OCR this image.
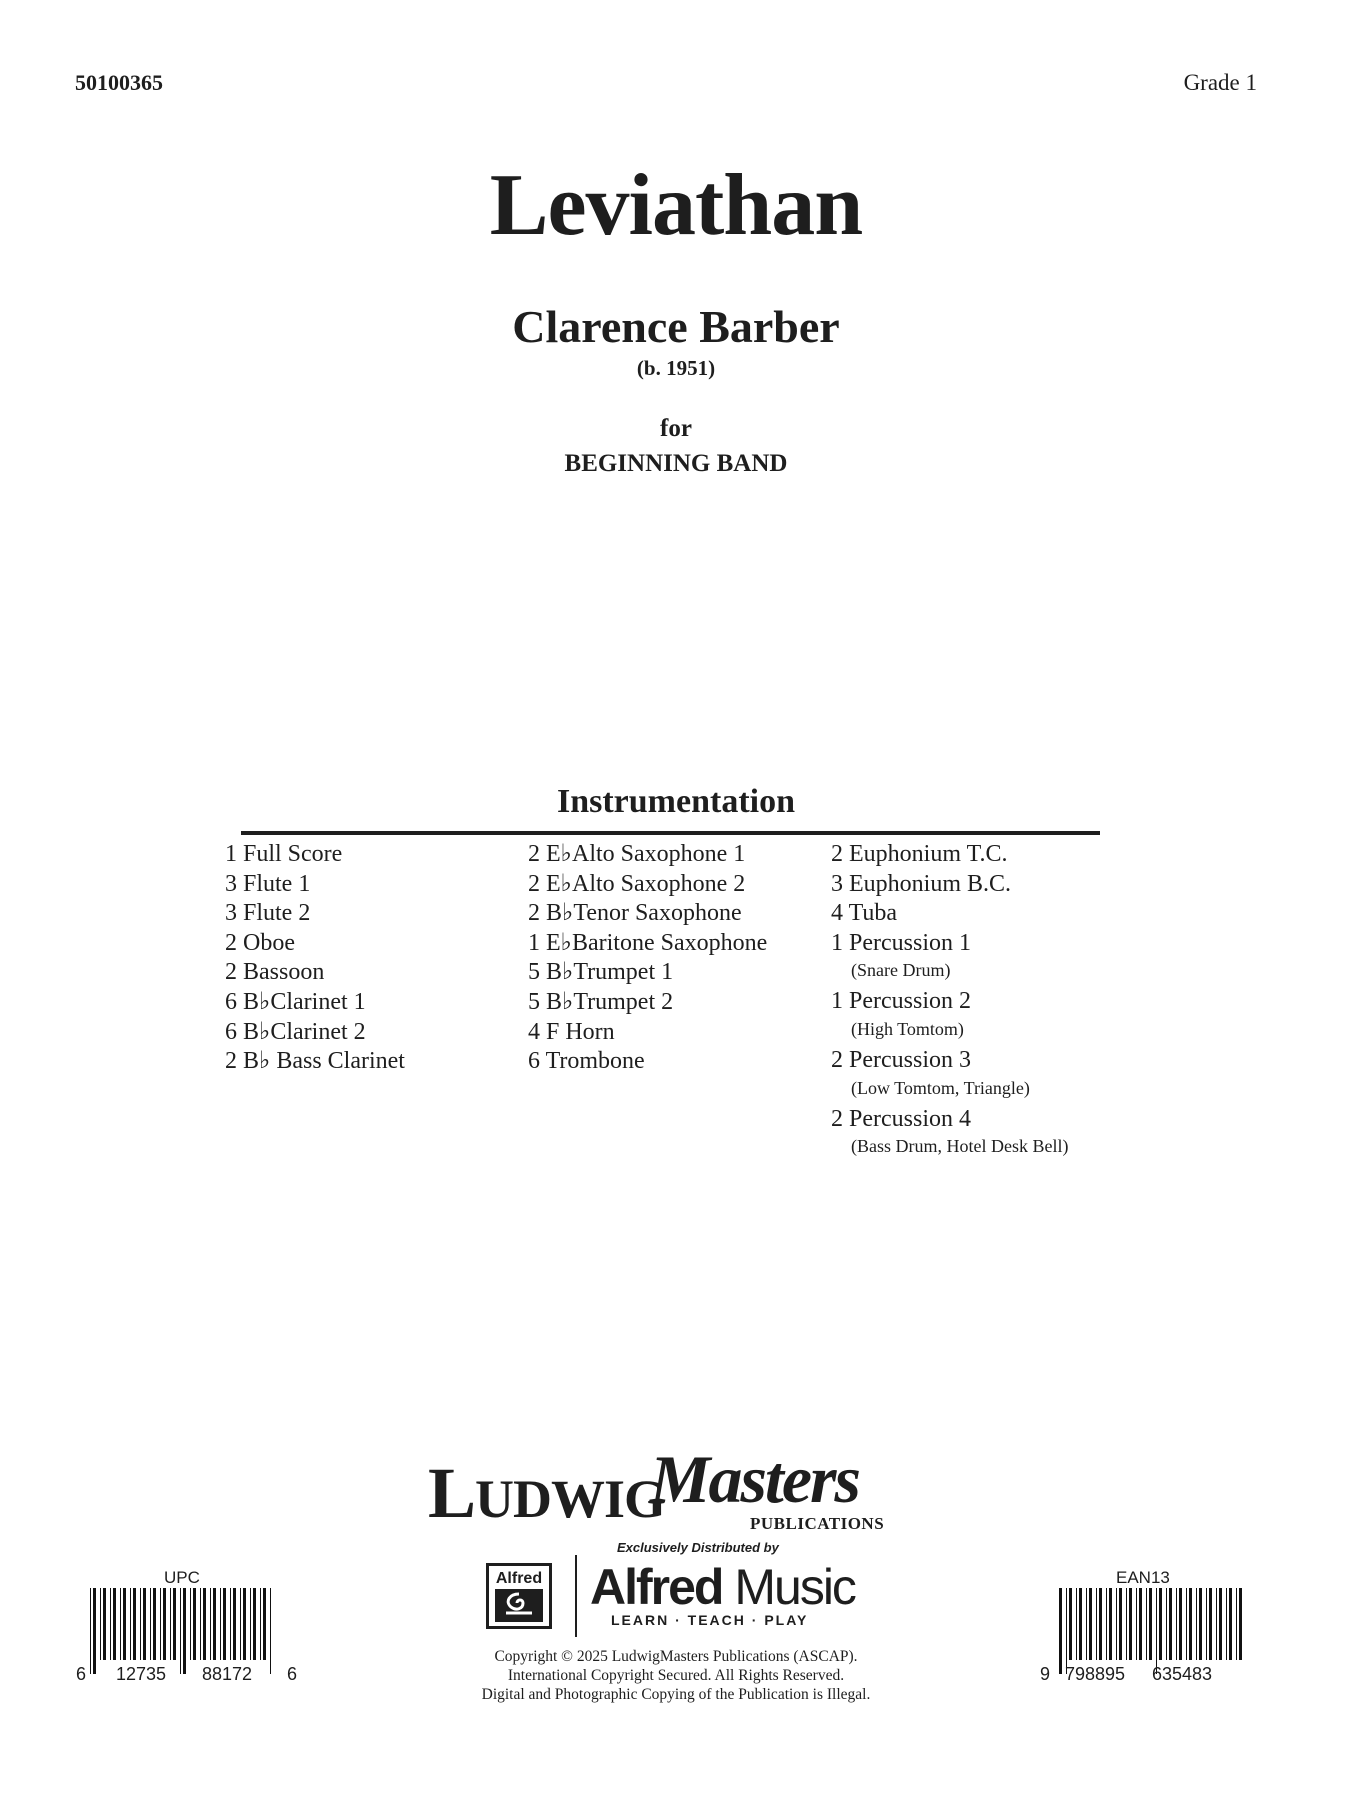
50100365	Grade 1
Leviathan
Clarence Barber
(b. 1951)
for
BEGINNING BAND
Instrumentation
1 Full Score
3 Flute 1
3 Flute 2
2 Oboe
2 Bassoon
6 B♭Clarinet 1
6 B♭Clarinet 2
2 B♭ Bass Clarinet
2 E♭Alto Saxophone 1
2 E♭Alto Saxophone 2
2 B♭Tenor Saxophone
1 E♭Baritone Saxophone
5 B♭Trumpet 1
5 B♭Trumpet 2
4 F Horn
6 Trombone
2 Euphonium T.C.
3 Euphonium B.C.
4 Tuba
1 Percussion 1
(Snare Drum)
1 Percussion 2
(High Tomtom)
2 Percussion 3
(Low Tomtom, Triangle)
2 Percussion 4
(Bass Drum, Hotel Desk Bell)
LUDWIG
Masters
PUBLICATIONS
Exclusively Distributed by
Alfred Alfred Music
LEARN · TEACH · PLAY
Copyright © 2025 LudwigMasters Publications (ASCAP).
International Copyright Secured. All Rights Reserved.
Digital and Photographic Copying of the Publication is Illegal.
UPC
6 12735 88172 6
EAN13
9 798895 635483
